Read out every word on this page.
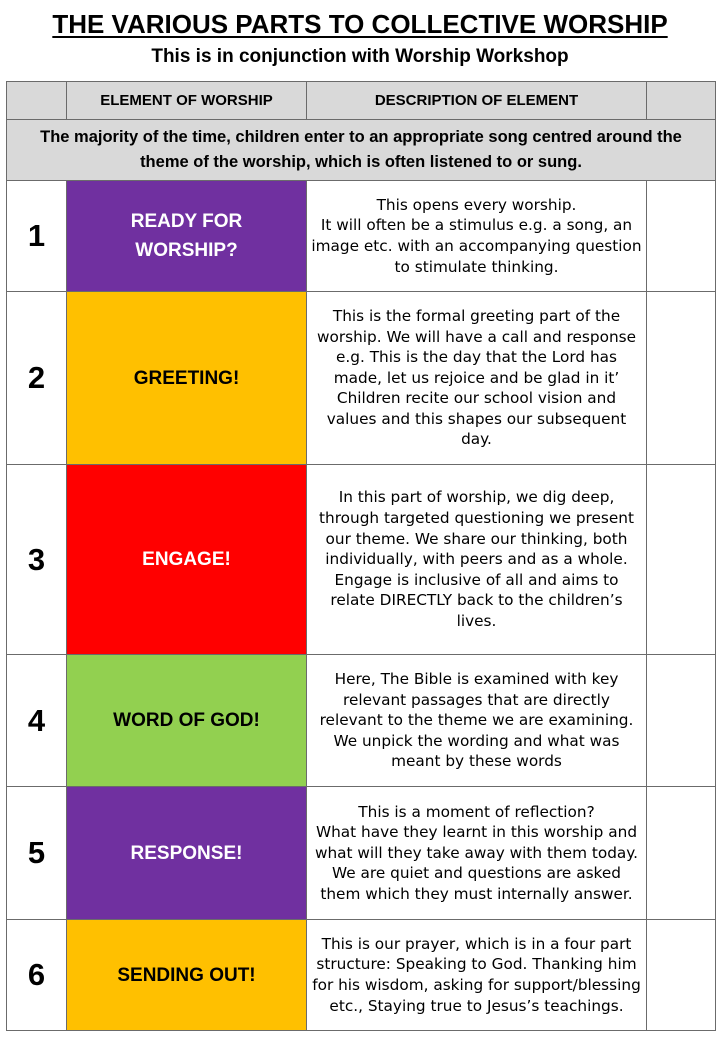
THE VARIOUS PARTS TO COLLECTIVE WORSHIP
This is in conjunction with Worship Workshop
	ELEMENT OF WORSHIP	DESCRIPTION OF ELEMENT	
The majority of the time, children enter to an appropriate song centred around the theme of the worship, which is often listened to or sung.			
1	READY FOR WORSHIP?	This opens every worship.
It will often be a stimulus e.g. a song, an image etc. with an accompanying question to stimulate thinking.	
2	GREETING!	This is the formal greeting part of the worship. We will have a call and response e.g. This is the day that the Lord has made, let us rejoice and be glad in it’
Children recite our school vision and values and this shapes our subsequent day.	
3	ENGAGE!	In this part of worship, we dig deep, through targeted questioning we present our theme. We share our thinking, both individually, with peers and as a whole.
Engage is inclusive of all and aims to relate DIRECTLY back to the children’s lives.	
4	WORD OF GOD!	Here, The Bible is examined with key relevant passages that are directly relevant to the theme we are examining.
We unpick the wording and what was meant by these words	
5	RESPONSE!	This is a moment of reflection?
What have they learnt in this worship and what will they take away with them today. We are quiet and questions are asked them which they must internally answer.	
6	SENDING OUT!	This is our prayer, which is in a four part structure: Speaking to God. Thanking him for his wisdom, asking for support/blessing etc., Staying true to Jesus’s teachings.	
